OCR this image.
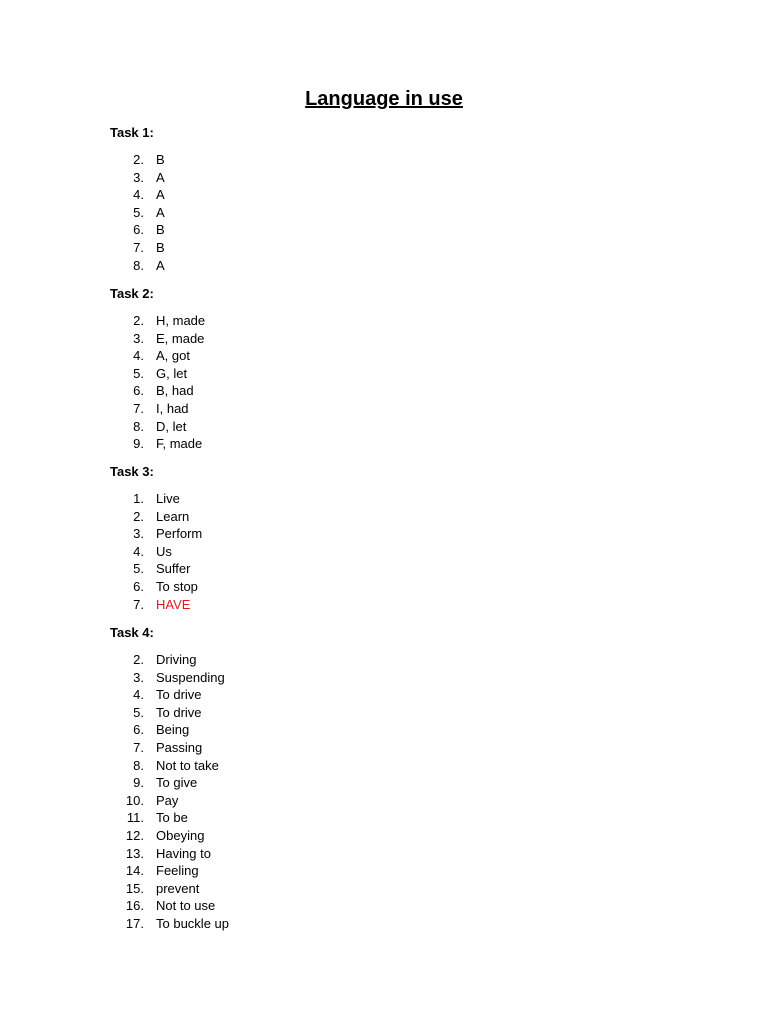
Language in use
Task 1:
2. B
3. A
4. A
5. A
6. B
7. B
8. A
Task 2:
2. H, made
3. E, made
4. A, got
5. G, let
6. B, had
7. I, had
8. D, let
9. F, made
Task 3:
1. Live
2. Learn
3. Perform
4. Us
5. Suffer
6. To stop
7. HAVE
Task 4:
2. Driving
3. Suspending
4. To drive
5. To drive
6. Being
7. Passing
8. Not to take
9. To give
10. Pay
11. To be
12. Obeying
13. Having to
14. Feeling
15. prevent
16. Not to use
17. To buckle up
